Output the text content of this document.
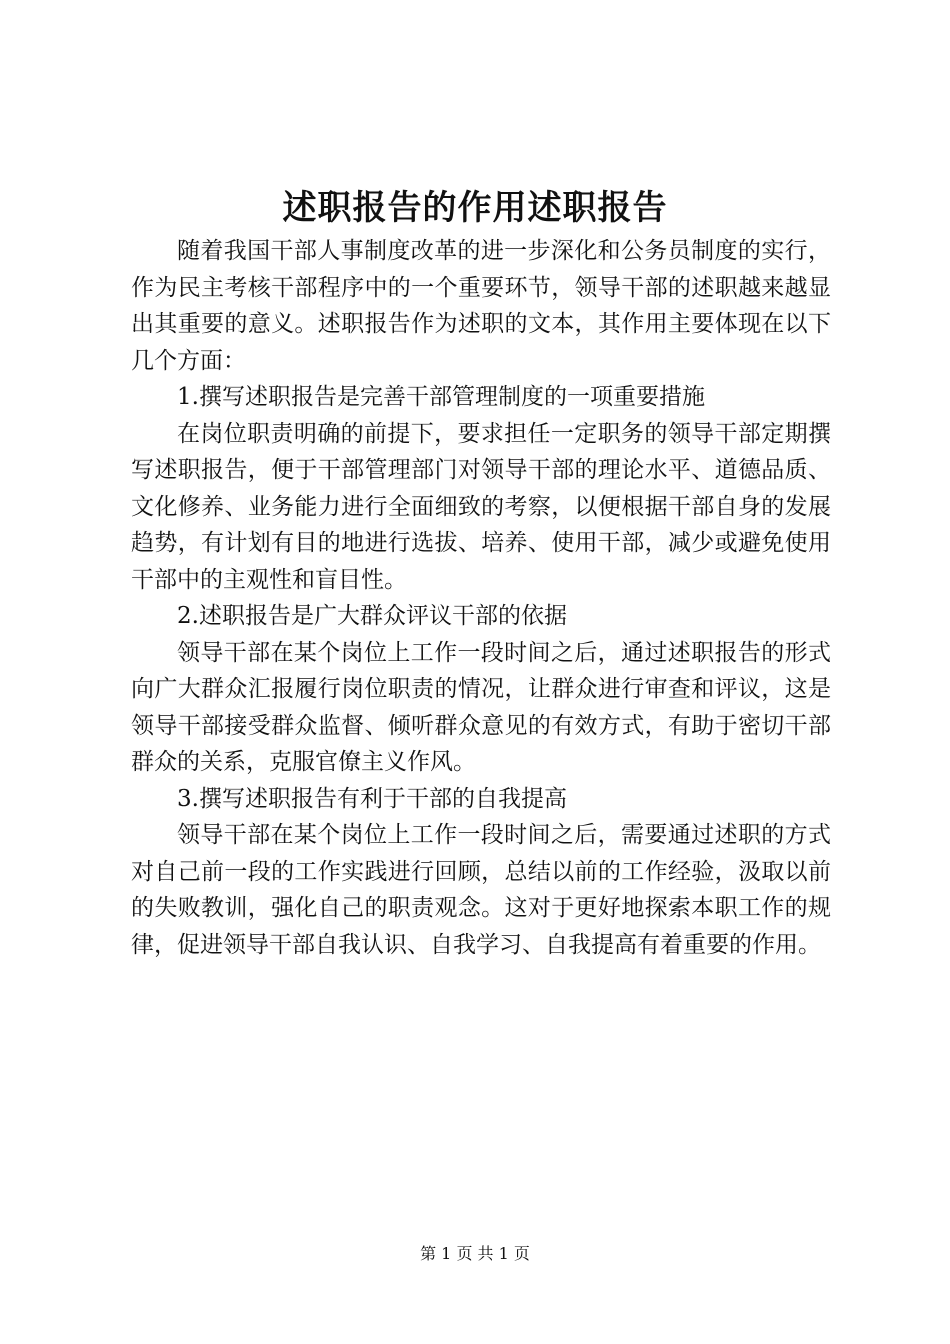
述职报告的作用述职报告

随着我国干部人事制度改革的进一步深化和公务员制度的实行，作为民主考核干部程序中的一个重要环节，领导干部的述职越来越显出其重要的意义。述职报告作为述职的文本，其作用主要体现在以下几个方面：

1.撰写述职报告是完善干部管理制度的一项重要措施

在岗位职责明确的前提下，要求担任一定职务的领导干部定期撰写述职报告，便于干部管理部门对领导干部的理论水平、道德品质、文化修养、业务能力进行全面细致的考察，以便根据干部自身的发展趋势，有计划有目的地进行选拔、培养、使用干部，减少或避免使用干部中的主观性和盲目性。

2.述职报告是广大群众评议干部的依据

领导干部在某个岗位上工作一段时间之后，通过述职报告的形式向广大群众汇报履行岗位职责的情况，让群众进行审查和评议，这是领导干部接受群众监督、倾听群众意见的有效方式，有助于密切干部群众的关系，克服官僚主义作风。

3.撰写述职报告有利于干部的自我提高

领导干部在某个岗位上工作一段时间之后，需要通过述职的方式对自己前一段的工作实践进行回顾，总结以前的工作经验，汲取以前的失败教训，强化自己的职责观念。这对于更好地探索本职工作的规律，促进领导干部自我认识、自我学习、自我提高有着重要的作用。

第 1 页 共 1 页
